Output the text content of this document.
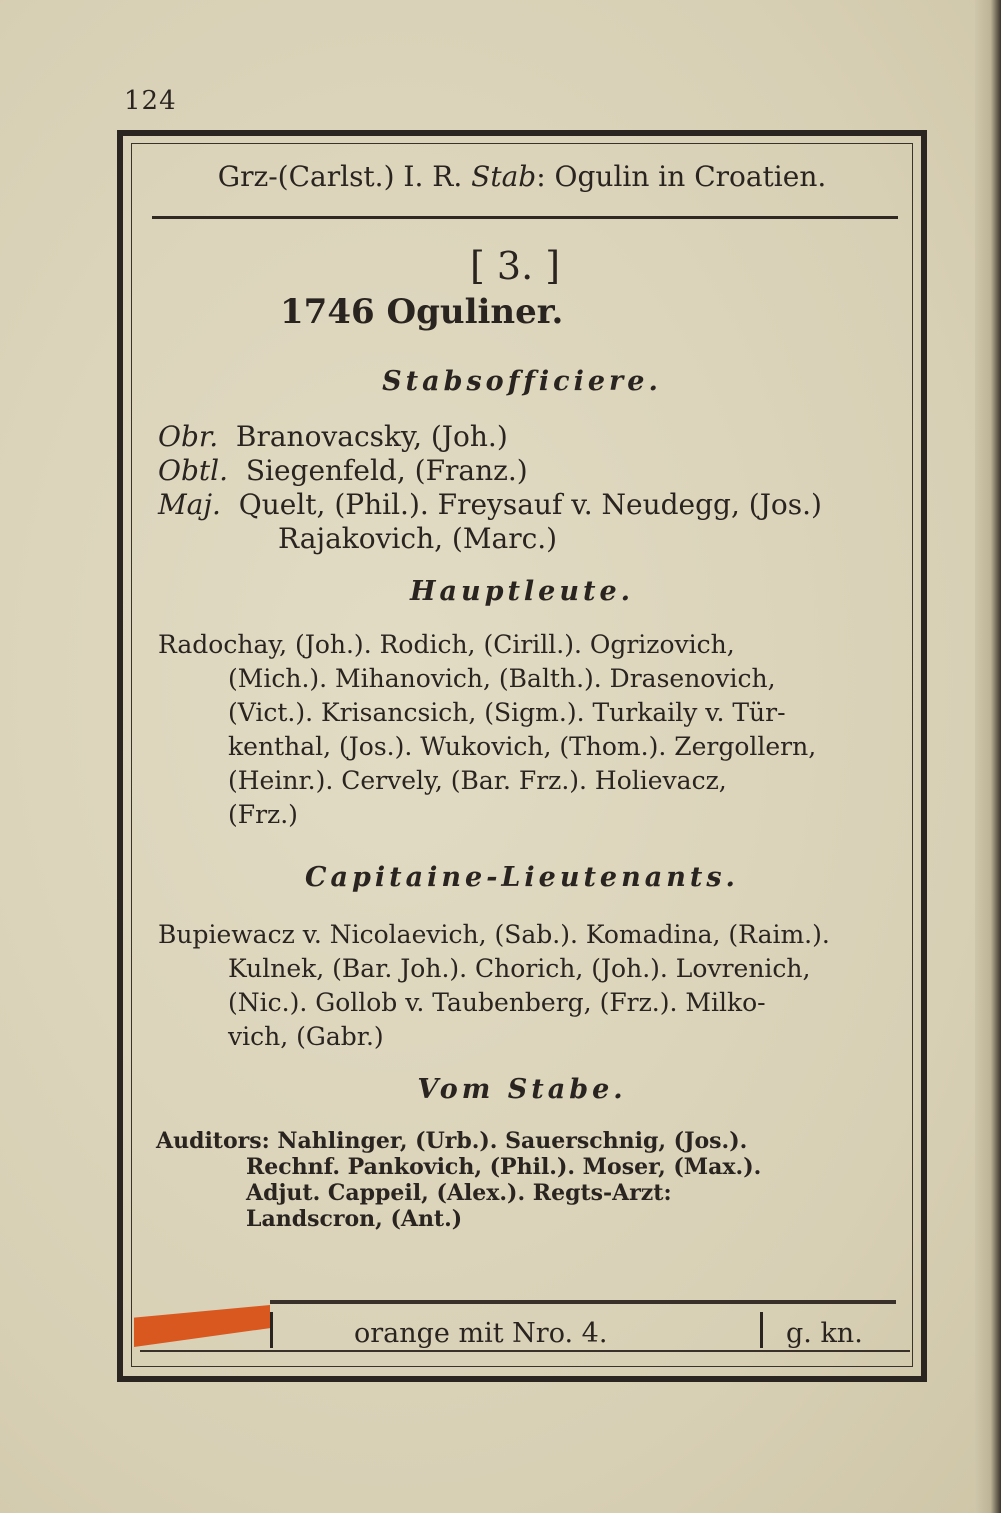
124
Grz-(Carlst.) I. R. Stab: Ogulin in Croatien.
[ 3. ]
1746 Oguliner.
Stabsofficiere.
Obr. Branovacsky, (Joh.)
Obtl. Siegenfeld, (Franz.)
Maj. Quelt, (Phil.). Freysauf v. Neudegg, (Jos.)
Rajakovich, (Marc.)
Hauptleute.
Radochay, (Joh.). Rodich, (Cirill.). Ogrizovich,
(Mich.). Mihanovich, (Balth.). Drasenovich,
(Vict.). Krisancsich, (Sigm.). Turkaily v. Tür-
kenthal, (Jos.). Wukovich, (Thom.). Zergollern,
(Heinr.). Cervely, (Bar. Frz.). Holievacz,
(Frz.)
Capitaine-Lieutenants.
Bupiewacz v. Nicolaevich, (Sab.). Komadina, (Raim.).
Kulnek, (Bar. Joh.). Chorich, (Joh.). Lovrenich,
(Nic.). Gollob v. Taubenberg, (Frz.). Milko-
vich, (Gabr.)
Vom Stabe.
Auditors: Nahlinger, (Urb.). Sauerschnig, (Jos.).
Rechnf. Pankovich, (Phil.). Moser, (Max.).
Adjut. Cappeil, (Alex.). Regts-Arzt:
Landscron, (Ant.)
orange mit Nro. 4.	g. kn.
